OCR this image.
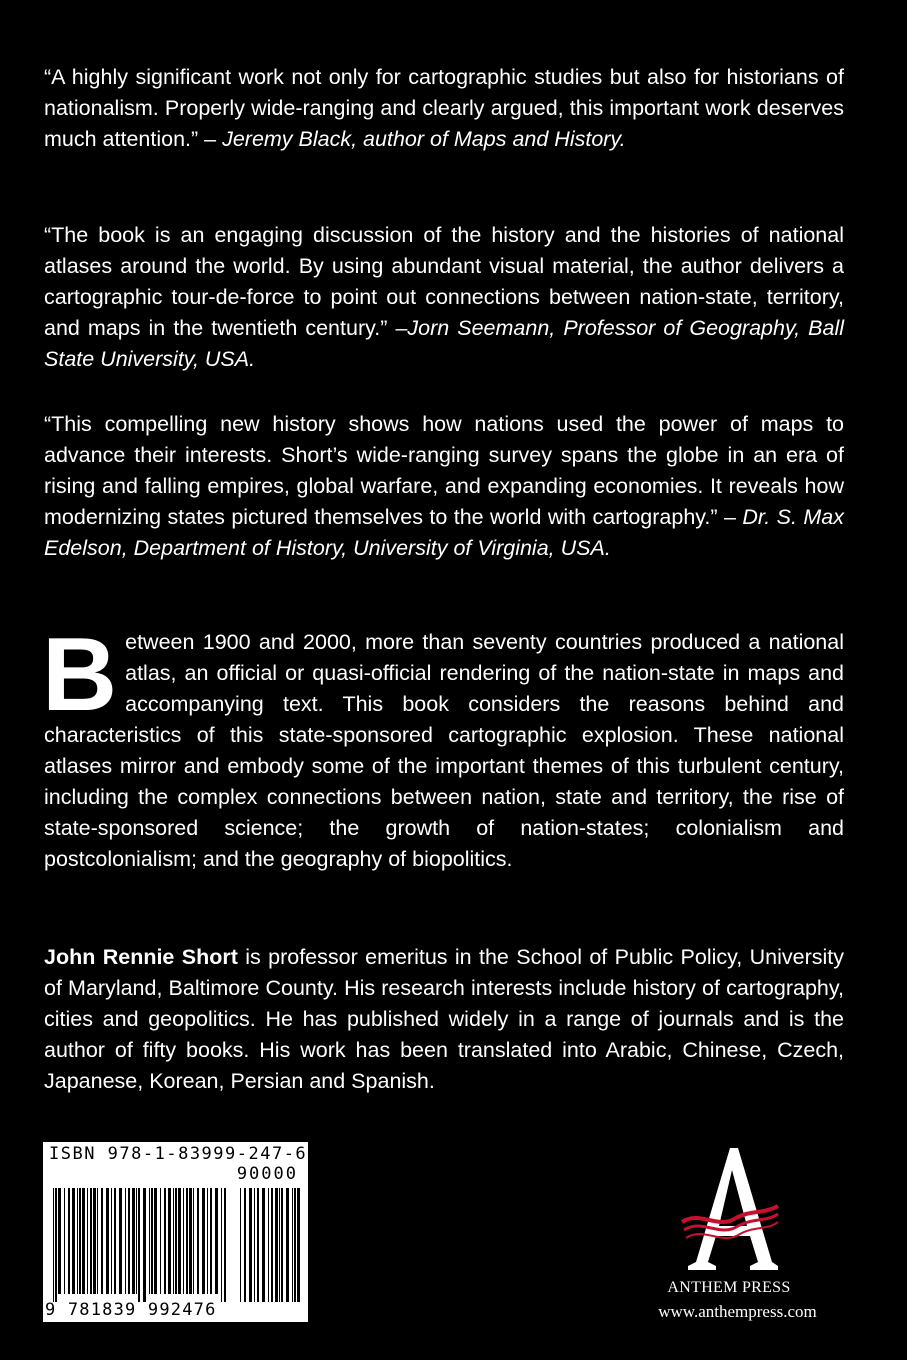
“A highly significant work not only for cartographic studies but also for historians of nationalism. Properly wide-ranging and clearly argued, this important work deserves much attention.” – Jeremy Black, author of Maps and History.
“The book is an engaging discussion of the history and the histories of national atlases around the world. By using abundant visual material, the author delivers a cartographic tour-de-force to point out connections between nation-state, territory, and maps in the twentieth century.” –Jorn Seemann, Professor of Geography, Ball State University, USA.
“This compelling new history shows how nations used the power of maps to advance their interests. Short’s wide-ranging survey spans the globe in an era of rising and falling empires, global warfare, and expanding economies. It reveals how modernizing states pictured themselves to the world with cartography.” – Dr. S. Max Edelson, Department of History, University of Virginia, USA.
Between 1900 and 2000, more than seventy countries produced a national atlas, an official or quasi-official rendering of the nation-state in maps and accompanying text. This book considers the reasons behind and characteristics of this state-sponsored cartographic explosion. These national atlases mirror and embody some of the important themes of this turbulent century, including the complex connections between nation, state and territory, the rise of state-sponsored science; the growth of nation-states; colonialism and postcolonialism; and the geography of biopolitics.
John Rennie Short is professor emeritus in the School of Public Policy, University of Maryland, Baltimore County. His research interests include history of cartography, cities and geopolitics. He has published widely in a range of journals and is the author of fifty books. His work has been translated into Arabic, Chinese, Czech, Japanese, Korean, Persian and Spanish.
ISBN 978-1-83999-247-6
90000
9 781839 992476
ANTHEM PRESS
www.anthempress.com
